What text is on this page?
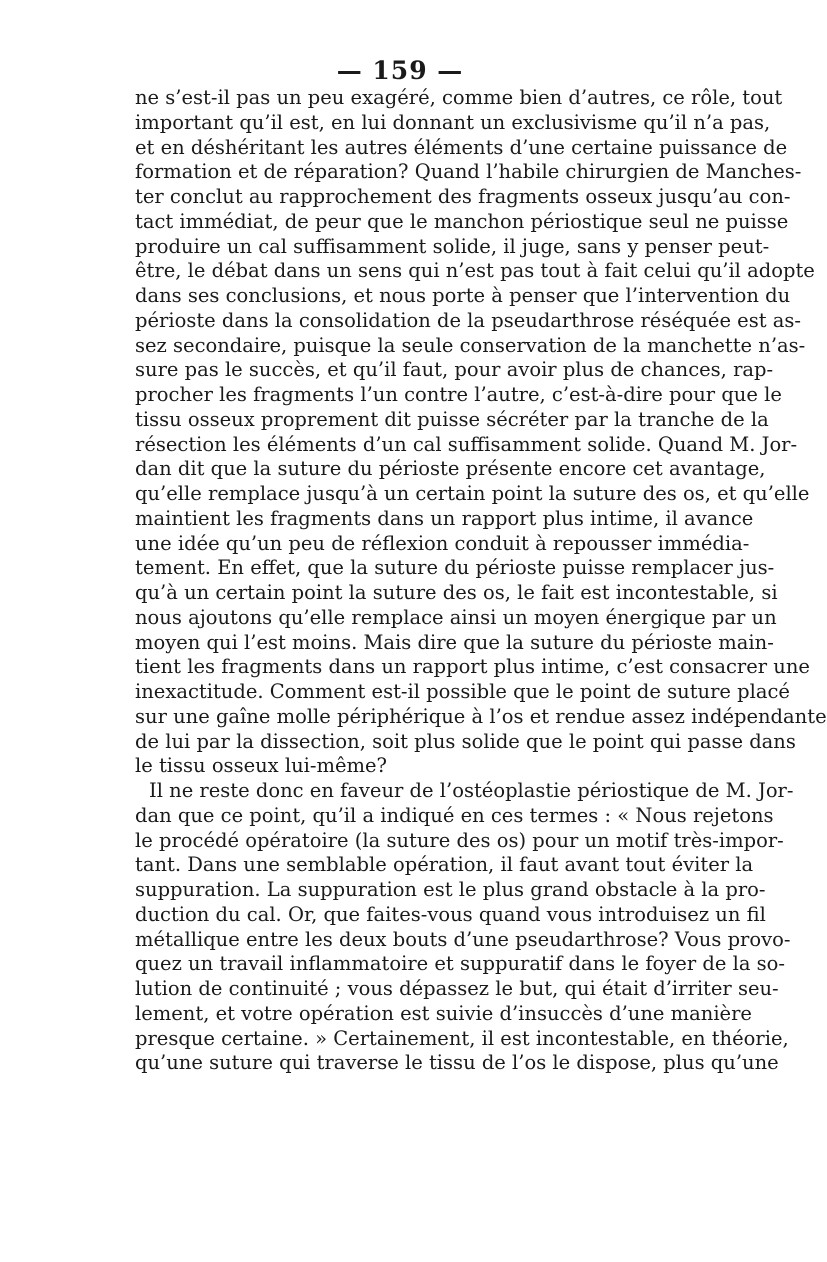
— 159 —
ne s’est-il pas un peu exagéré, comme bien d’autres, ce rôle, tout
important qu’il est, en lui donnant un exclusivisme qu’il n’a pas,
et en déshéritant les autres éléments d’une certaine puissance de
formation et de réparation? Quand l’habile chirurgien de Manches-
ter conclut au rapprochement des fragments osseux jusqu’au con-
tact immédiat, de peur que le manchon périostique seul ne puisse
produire un cal suffisamment solide, il juge, sans y penser peut-
être, le débat dans un sens qui n’est pas tout à fait celui qu’il adopte
dans ses conclusions, et nous porte à penser que l’intervention du
périoste dans la consolidation de la pseudarthrose réséquée est as-
sez secondaire, puisque la seule conservation de la manchette n’as-
sure pas le succès, et qu’il faut, pour avoir plus de chances, rap-
procher les fragments l’un contre l’autre, c’est-à-dire pour que le
tissu osseux proprement dit puisse sécréter par la tranche de la
résection les éléments d’un cal suffisamment solide. Quand M. Jor-
dan dit que la suture du périoste présente encore cet avantage,
qu’elle remplace jusqu’à un certain point la suture des os, et qu’elle
maintient les fragments dans un rapport plus intime, il avance
une idée qu’un peu de réflexion conduit à repousser immédia-
tement. En effet, que la suture du périoste puisse remplacer jus-
qu’à un certain point la suture des os, le fait est incontestable, si
nous ajoutons qu’elle remplace ainsi un moyen énergique par un
moyen qui l’est moins. Mais dire que la suture du périoste main-
tient les fragments dans un rapport plus intime, c’est consacrer une
inexactitude. Comment est-il possible que le point de suture placé
sur une gaîne molle périphérique à l’os et rendue assez indépendante
de lui par la dissection, soit plus solide que le point qui passe dans
le tissu osseux lui-même?
Il ne reste donc en faveur de l’ostéoplastie périostique de M. Jor-
dan que ce point, qu’il a indiqué en ces termes : « Nous rejetons
le procédé opératoire (la suture des os) pour un motif très-impor-
tant. Dans une semblable opération, il faut avant tout éviter la
suppuration. La suppuration est le plus grand obstacle à la pro-
duction du cal. Or, que faites-vous quand vous introduisez un fil
métallique entre les deux bouts d’une pseudarthrose? Vous provo-
quez un travail inflammatoire et suppuratif dans le foyer de la so-
lution de continuité ; vous dépassez le but, qui était d’irriter seu-
lement, et votre opération est suivie d’insuccès d’une manière
presque certaine. » Certainement, il est incontestable, en théorie,
qu’une suture qui traverse le tissu de l’os le dispose, plus qu’une
